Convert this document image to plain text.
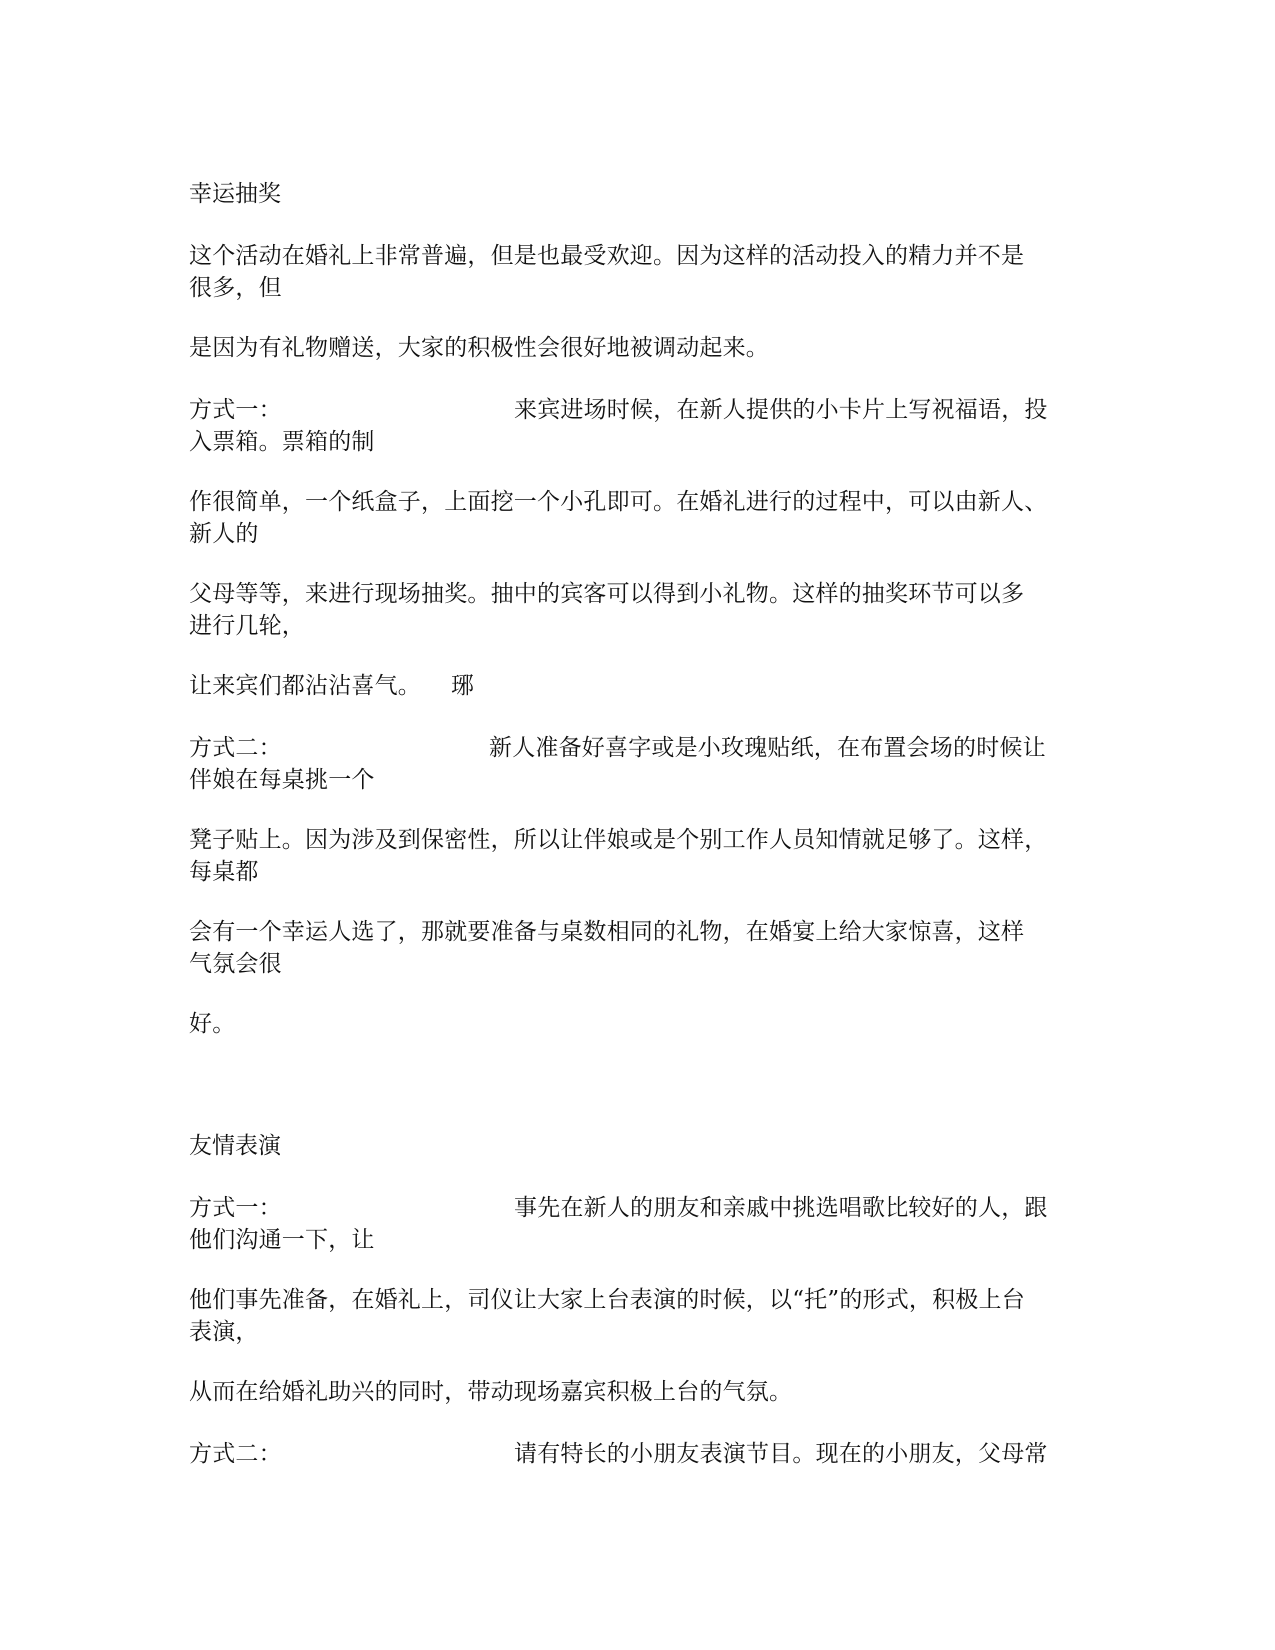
幸运抽奖
这个活动在婚礼上非常普遍，但是也最受欢迎。因为这样的活动投入的精力并不是
很多，但
是因为有礼物赠送，大家的积极性会很好地被调动起来。
方式一：	来宾进场时候，在新人提供的小卡片上写祝福语，投
入票箱。票箱的制
作很简单，一个纸盒子，上面挖一个小孔即可。在婚礼进行的过程中，可以由新人、
新人的
父母等等，来进行现场抽奖。抽中的宾客可以得到小礼物。这样的抽奖环节可以多
进行几轮，
让来宾们都沾沾喜气。 琊
方式二：	新人准备好喜字或是小玫瑰贴纸，在布置会场的时候让
伴娘在每桌挑一个
凳子贴上。因为涉及到保密性，所以让伴娘或是个别工作人员知情就足够了。这样，
每桌都
会有一个幸运人选了，那就要准备与桌数相同的礼物，在婚宴上给大家惊喜，这样
气氛会很
好。
友情表演
方式一：	事先在新人的朋友和亲戚中挑选唱歌比较好的人，跟
他们沟通一下，让
他们事先准备，在婚礼上，司仪让大家上台表演的时候，以“托”的形式，积极上台
表演，
从而在给婚礼助兴的同时，带动现场嘉宾积极上台的气氛。
方式二：	请有特长的小朋友表演节目。现在的小朋友，父母常
